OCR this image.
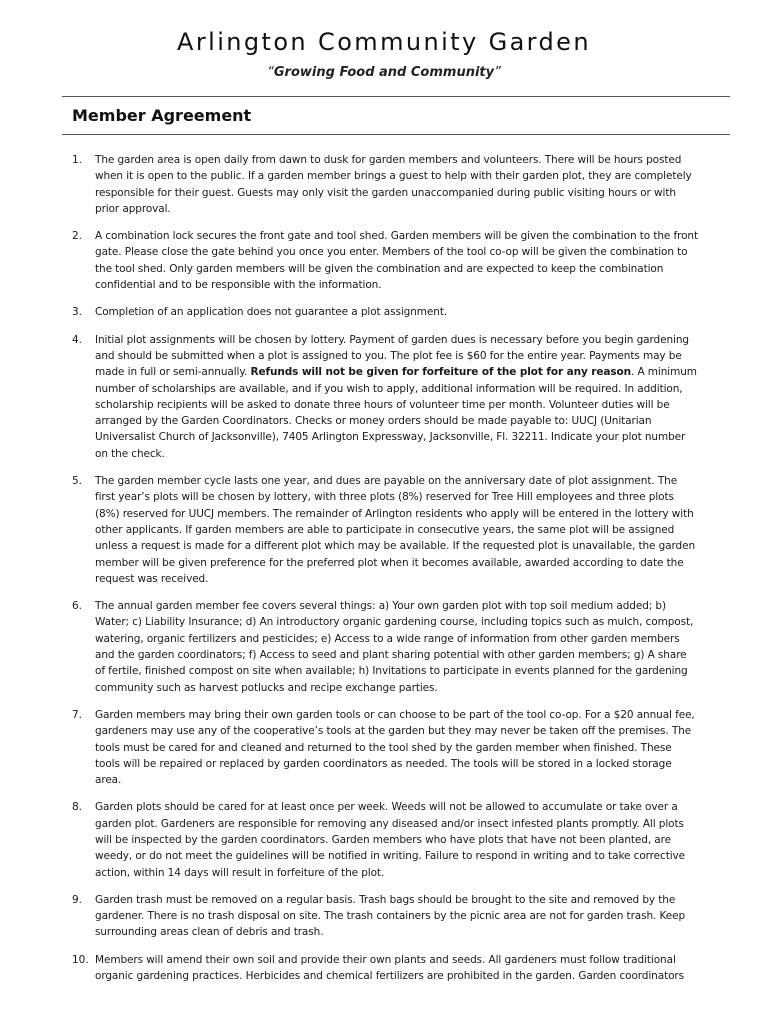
Arlington Community Garden
“Growing Food and Community”
Member Agreement
1. The garden area is open daily from dawn to dusk for garden members and volunteers. There will be hours posted when it is open to the public. If a garden member brings a guest to help with their garden plot, they are completely responsible for their guest. Guests may only visit the garden unaccompanied during public visiting hours or with prior approval.
2. A combination lock secures the front gate and tool shed. Garden members will be given the combination to the front gate. Please close the gate behind you once you enter. Members of the tool co-op will be given the combination to the tool shed. Only garden members will be given the combination and are expected to keep the combination confidential and to be responsible with the information.
3. Completion of an application does not guarantee a plot assignment.
4. Initial plot assignments will be chosen by lottery. Payment of garden dues is necessary before you begin gardening and should be submitted when a plot is assigned to you. The plot fee is $60 for the entire year. Payments may be made in full or semi-annually. Refunds will not be given for forfeiture of the plot for any reason. A minimum number of scholarships are available, and if you wish to apply, additional information will be required. In addition, scholarship recipients will be asked to donate three hours of volunteer time per month. Volunteer duties will be arranged by the Garden Coordinators. Checks or money orders should be made payable to: UUCJ (Unitarian Universalist Church of Jacksonville), 7405 Arlington Expressway, Jacksonville, Fl. 32211. Indicate your plot number on the check.
5. The garden member cycle lasts one year, and dues are payable on the anniversary date of plot assignment. The first year’s plots will be chosen by lottery, with three plots (8%) reserved for Tree Hill employees and three plots (8%) reserved for UUCJ members. The remainder of Arlington residents who apply will be entered in the lottery with other applicants. If garden members are able to participate in consecutive years, the same plot will be assigned unless a request is made for a different plot which may be available. If the requested plot is unavailable, the garden member will be given preference for the preferred plot when it becomes available, awarded according to date the request was received.
6. The annual garden member fee covers several things: a) Your own garden plot with top soil medium added; b) Water; c) Liability Insurance; d) An introductory organic gardening course, including topics such as mulch, compost, watering, organic fertilizers and pesticides; e) Access to a wide range of information from other garden members and the garden coordinators; f) Access to seed and plant sharing potential with other garden members; g) A share of fertile, finished compost on site when available; h) Invitations to participate in events planned for the gardening community such as harvest potlucks and recipe exchange parties.
7. Garden members may bring their own garden tools or can choose to be part of the tool co-op. For a $20 annual fee, gardeners may use any of the cooperative’s tools at the garden but they may never be taken off the premises. The tools must be cared for and cleaned and returned to the tool shed by the garden member when finished. These tools will be repaired or replaced by garden coordinators as needed. The tools will be stored in a locked storage area.
8. Garden plots should be cared for at least once per week. Weeds will not be allowed to accumulate or take over a garden plot. Gardeners are responsible for removing any diseased and/or insect infested plants promptly. All plots will be inspected by the garden coordinators. Garden members who have plots that have not been planted, are weedy, or do not meet the guidelines will be notified in writing. Failure to respond in writing and to take corrective action, within 14 days will result in forfeiture of the plot.
9. Garden trash must be removed on a regular basis. Trash bags should be brought to the site and removed by the gardener. There is no trash disposal on site. The trash containers by the picnic area are not for garden trash. Keep surrounding areas clean of debris and trash.
10. Members will amend their own soil and provide their own plants and seeds. All gardeners must follow traditional organic gardening practices. Herbicides and chemical fertilizers are prohibited in the garden. Garden coordinators
